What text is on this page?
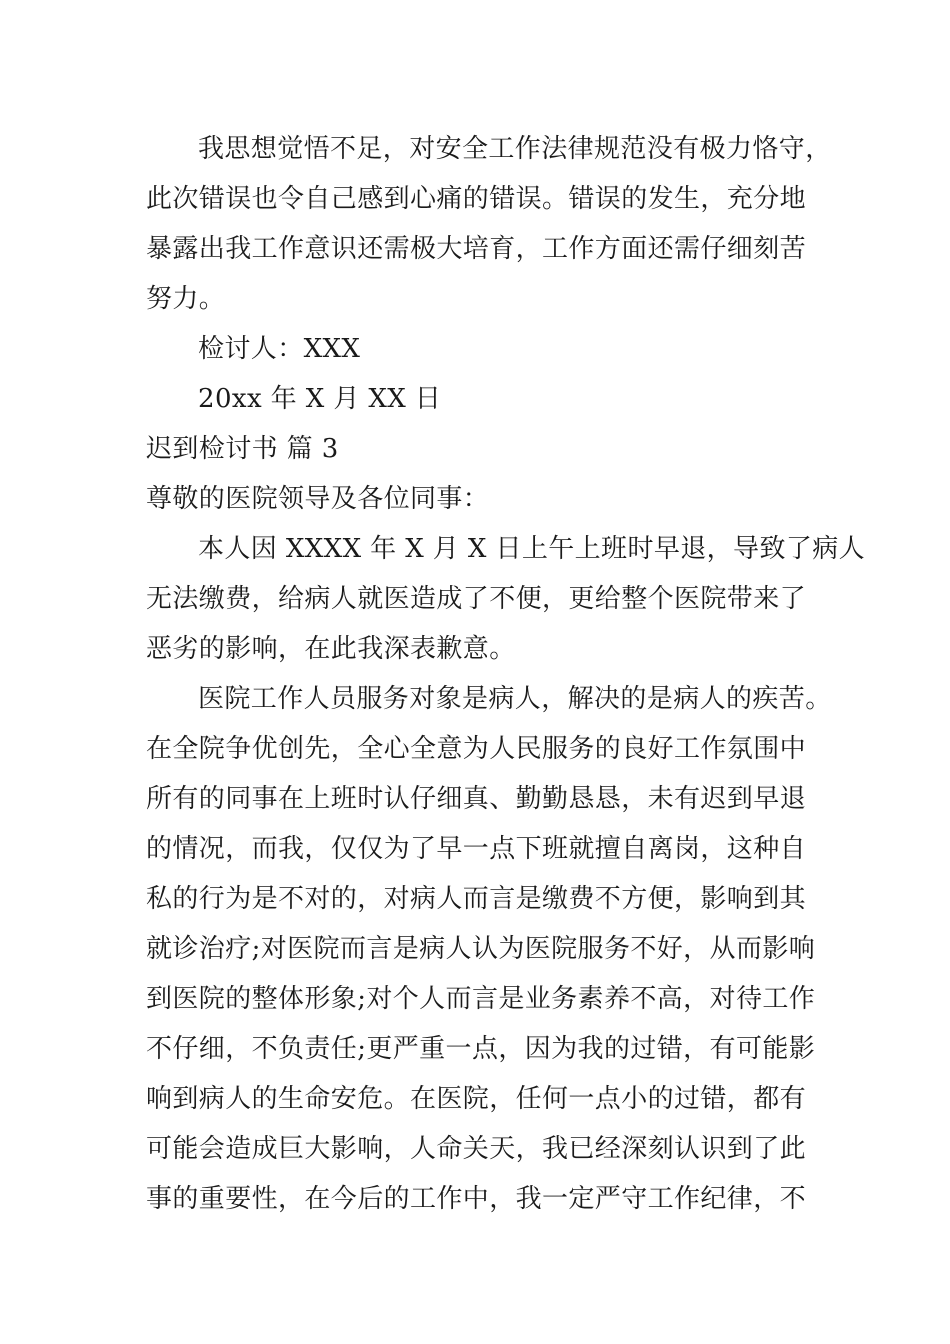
我思想觉悟不足，对安全工作法律规范没有极力恪守，
此次错误也令自己感到心痛的错误。错误的发生，充分地
暴露出我工作意识还需极大培育，工作方面还需仔细刻苦
努力。
检讨人：XXX
20xx 年 X 月 XX 日
迟到检讨书 篇 3
尊敬的医院领导及各位同事：
本人因 XXXX 年 X 月 X 日上午上班时早退，导致了病人
无法缴费，给病人就医造成了不便，更给整个医院带来了
恶劣的影响，在此我深表歉意。
医院工作人员服务对象是病人，解决的是病人的疾苦。
在全院争优创先，全心全意为人民服务的良好工作氛围中
所有的同事在上班时认仔细真、勤勤恳恳，未有迟到早退
的情况，而我，仅仅为了早一点下班就擅自离岗，这种自
私的行为是不对的，对病人而言是缴费不方便，影响到其
就诊治疗;对医院而言是病人认为医院服务不好，从而影响
到医院的整体形象;对个人而言是业务素养不高，对待工作
不仔细，不负责任;更严重一点，因为我的过错，有可能影
响到病人的生命安危。在医院，任何一点小的过错，都有
可能会造成巨大影响，人命关天，我已经深刻认识到了此
事的重要性，在今后的工作中，我一定严守工作纪律，不
